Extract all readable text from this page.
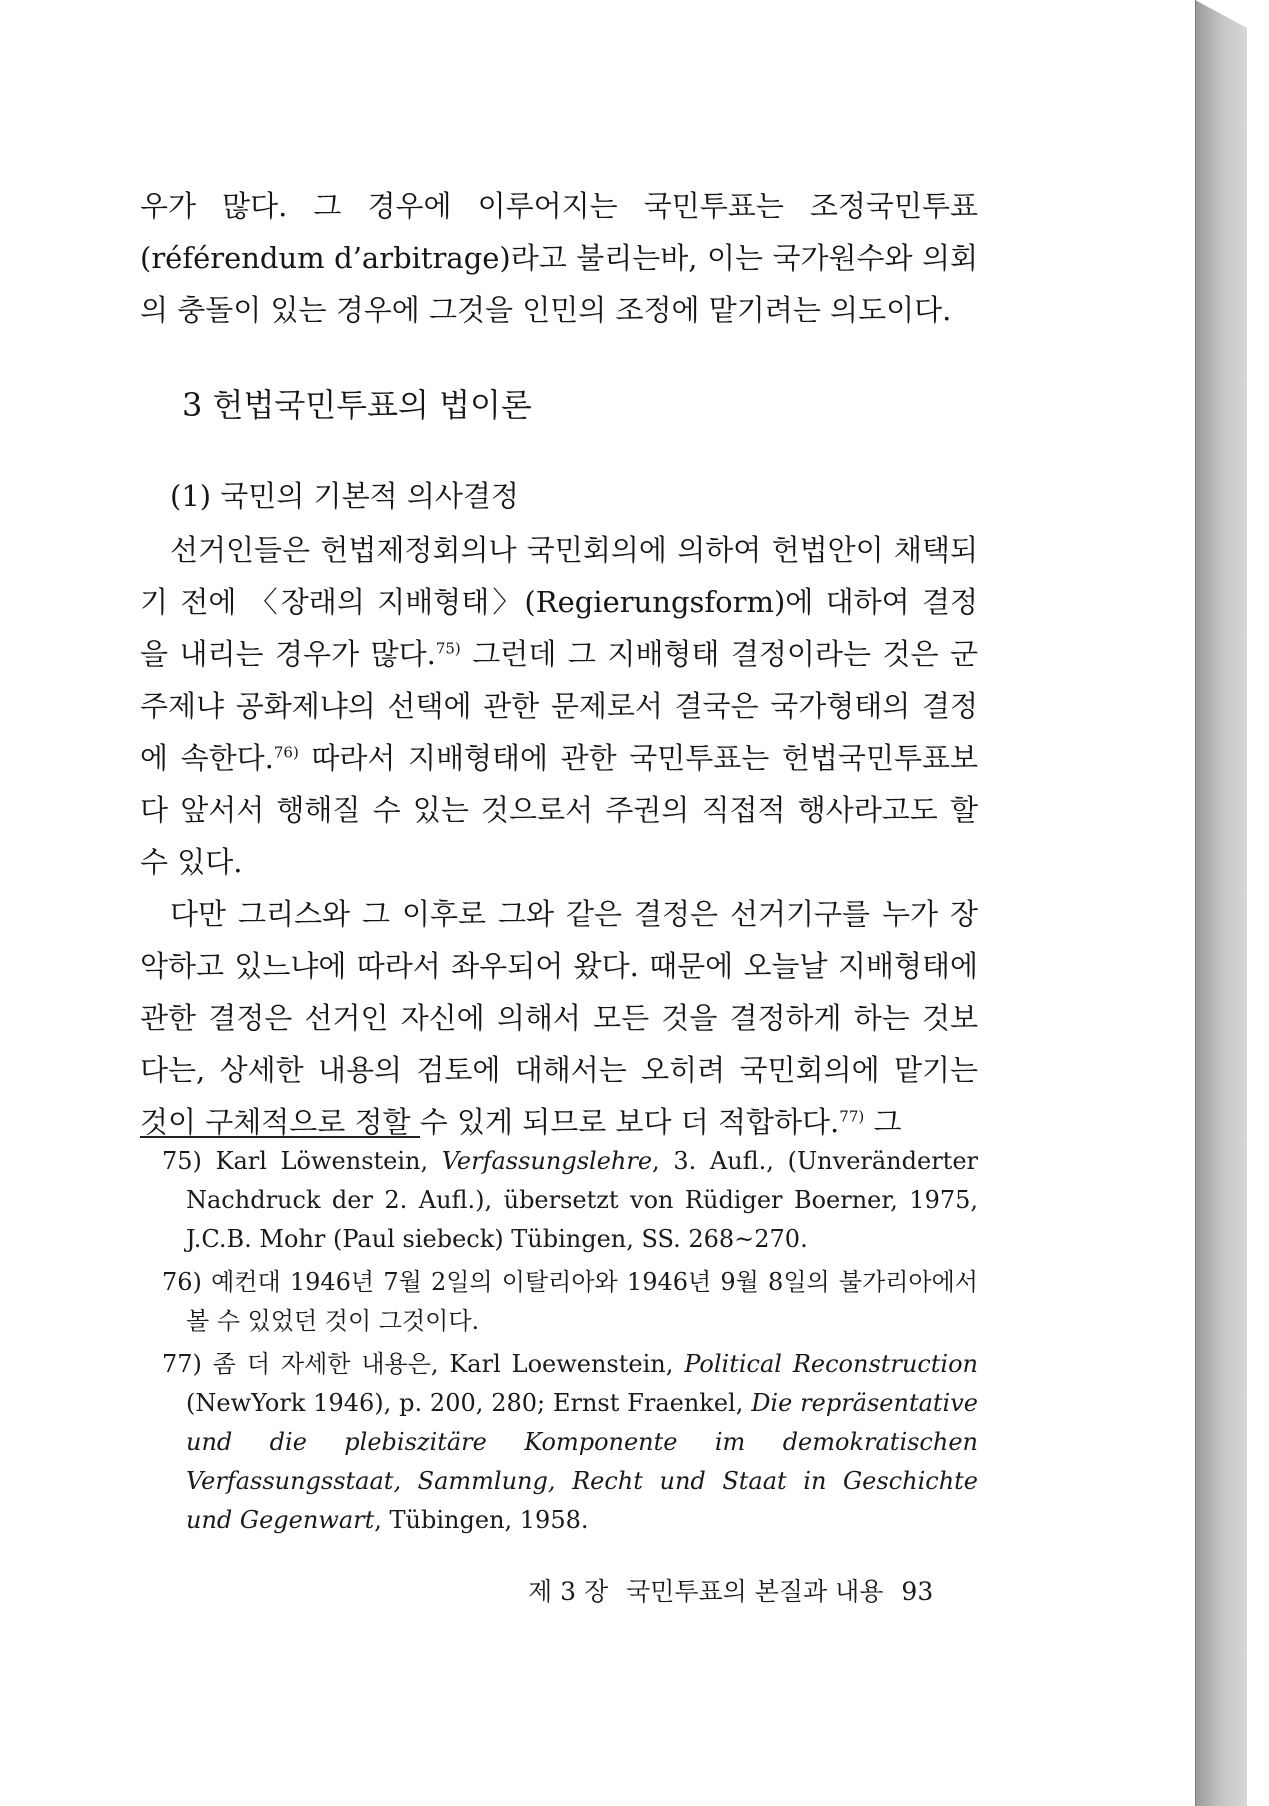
우가 많다. 그 경우에 이루어지는 국민투표는 조정국민투표 (référendum d’arbitrage)라고 불리는바, 이는 국가원수와 의회의 충돌이 있는 경우에 그것을 인민의 조정에 맡기려는 의도이다.

3 헌법국민투표의 법이론
(1) 국민의 기본적 의사결정

선거인들은 헌법제정회의나 국민회의에 의하여 헌법안이 채택되기 전에 〈장래의 지배형태〉(Regierungsform)에 대하여 결정을 내리는 경우가 많다.$^{75)}$ 그런데 그 지배형태 결정이라는 것은 군주제냐 공화제냐의 선택에 관한 문제로서 결국은 국가형태의 결정에 속한다.$^{76)}$ 따라서 지배형태에 관한 국민투표는 헌법국민투표보다 앞서서 행해질 수 있는 것으로서 주권의 직접적 행사라고도 할 수 있다.

다만 그리스와 그 이후로 그와 같은 결정은 선거기구를 누가 장악하고 있느냐에 따라서 좌우되어 왔다. 때문에 오늘날 지배형태에 관한 결정은 선거인 자신에 의해서 모든 것을 결정하게 하는 것보다는, 상세한 내용의 검토에 대해서는 오히려 국민회의에 맡기는 것이 구체적으로 정할 수 있게 되므로 보다 더 적합하다.$^{77)}$ 그

75) Karl Löwenstein, Verfassungslehre, 3. Aufl., (Unveränderter Nachdruck der 2. Aufl.), übersetzt von Rüdiger Boerner, 1975, J.C.B. Mohr (Paul siebeck) Tübingen, SS. 268~270.

76) 예컨대 1946년 7월 2일의 이탈리아와 1946년 9월 8일의 불가리아에서 볼 수 있었던 것이 그것이다.

77) 좀 더 자세한 내용은, Karl Loewenstein, Political Reconstruction (NewYork 1946), p. 200, 280; Ernst Fraenkel, Die repräsentative und die plebiszitäre Komponente im demokratischen Verfassungsstaat, Sammlung, Recht und Staat in Geschichte und Gegenwart, Tübingen, 1958.

제 3 장 국민투표의 본질과 내용 93
